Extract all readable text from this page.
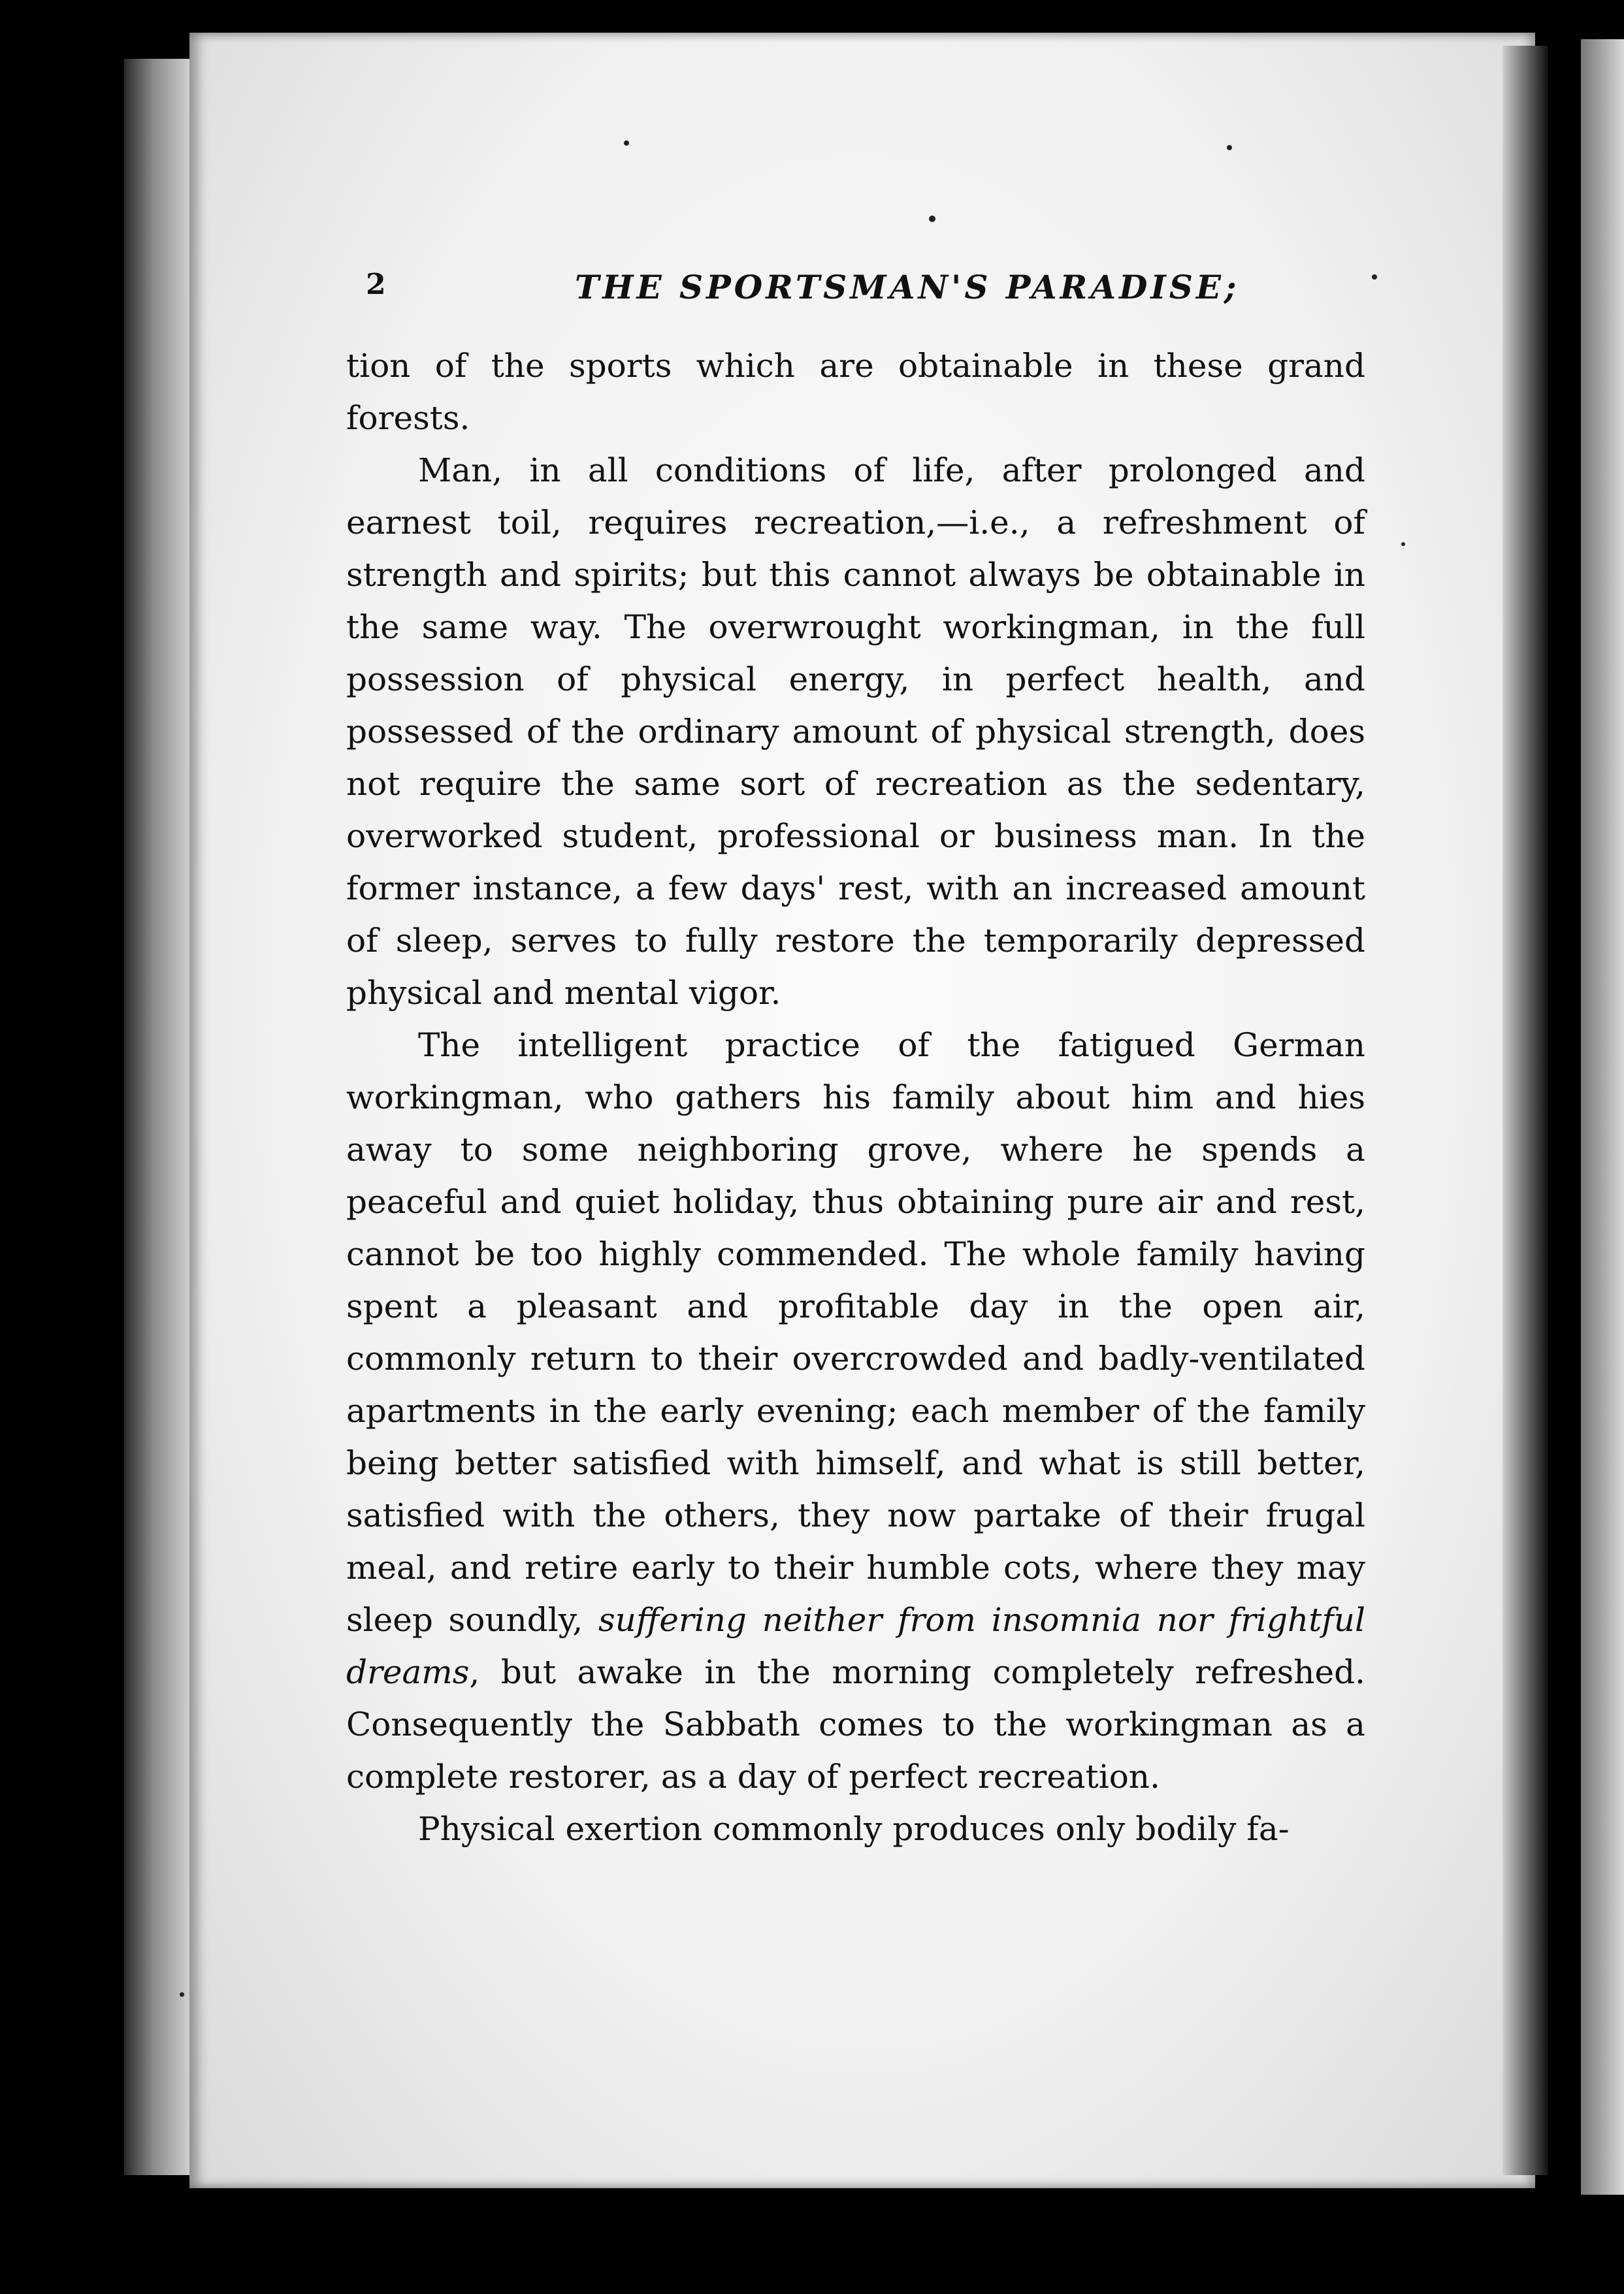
2	THE SPORTSMAN'S PARADISE;

tion of the sports which are obtainable in these grand forests.

Man, in all conditions of life, after prolonged and earnest toil, requires recreation,—i.e., a refreshment of strength and spirits; but this cannot always be obtainable in the same way. The overwrought workingman, in the full possession of physical energy, in perfect health, and possessed of the ordinary amount of physical strength, does not require the same sort of recreation as the sedentary, overworked student, professional or business man. In the former instance, a few days' rest, with an increased amount of sleep, serves to fully restore the temporarily depressed physical and mental vigor.

The intelligent practice of the fatigued German workingman, who gathers his family about him and hies away to some neighboring grove, where he spends a peaceful and quiet holiday, thus obtaining pure air and rest, cannot be too highly commended. The whole family having spent a pleasant and profitable day in the open air, commonly return to their overcrowded and badly-ventilated apartments in the early evening; each member of the family being better satisfied with himself, and what is still better, satisfied with the others, they now partake of their frugal meal, and retire early to their humble cots, where they may sleep soundly, suffering neither from insomnia nor frightful dreams, but awake in the morning completely refreshed. Consequently the Sabbath comes to the workingman as a complete restorer, as a day of perfect recreation.

Physical exertion commonly produces only bodily fa-
